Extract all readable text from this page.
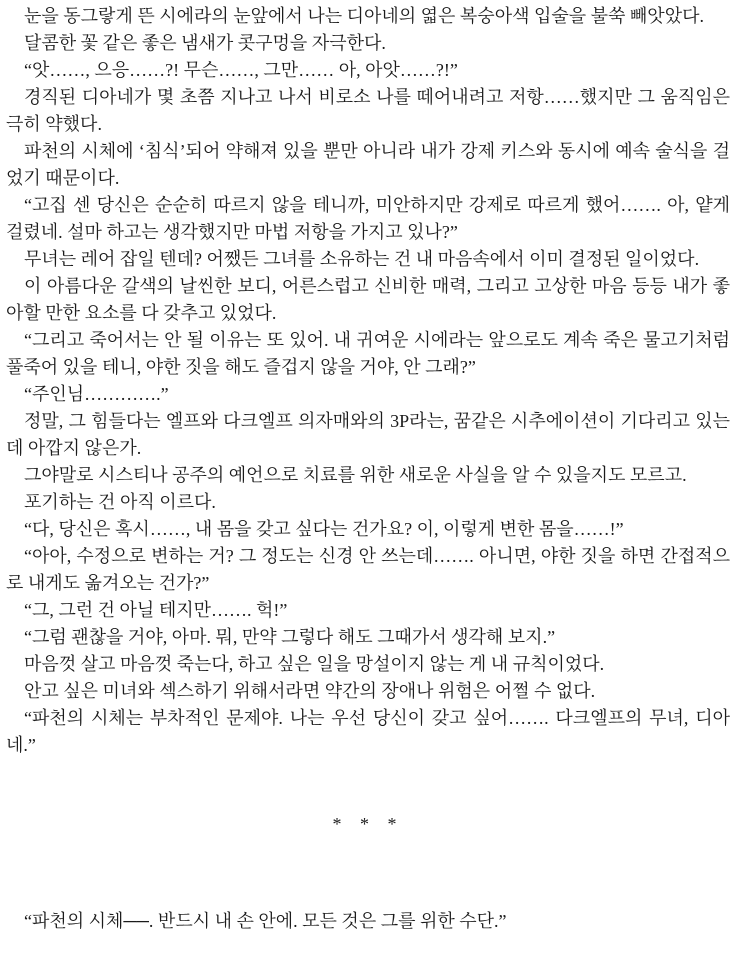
눈을 동그랗게 뜬 시에라의 눈앞에서 나는 디아네의 엷은 복숭아색 입술을 불쑥 빼앗았다.

달콤한 꽃 같은 좋은 냄새가 콧구멍을 자극한다.

“앗……, 으응……?! 무슨……, 그만…… 아, 아앗……?!”

경직된 디아네가 몇 초쯤 지나고 나서 비로소 나를 떼어내려고 저항……했지만 그 움직임은 극히 약했다.

파천의 시체에 ‘침식’되어 약해져 있을 뿐만 아니라 내가 강제 키스와 동시에 예속 술식을 걸었기 때문이다.

“고집 센 당신은 순순히 따르지 않을 테니까, 미안하지만 강제로 따르게 했어……. 아, 얕게 걸렸네. 설마 하고는 생각했지만 마법 저항을 가지고 있나?”

무녀는 레어 잡일 텐데? 어쨌든 그녀를 소유하는 건 내 마음속에서 이미 결정된 일이었다.

이 아름다운 갈색의 날씬한 보디, 어른스럽고 신비한 매력, 그리고 고상한 마음 등등 내가 좋아할 만한 요소를 다 갖추고 있었다.

“그리고 죽어서는 안 될 이유는 또 있어. 내 귀여운 시에라는 앞으로도 계속 죽은 물고기처럼 풀죽어 있을 테니, 야한 짓을 해도 즐겁지 않을 거야, 안 그래?”

“주인님………….”

정말, 그 힘들다는 엘프와 다크엘프 의자매와의 3P라는, 꿈같은 시추에이션이 기다리고 있는데 아깝지 않은가.

그야말로 시스티나 공주의 예언으로 치료를 위한 새로운 사실을 알 수 있을지도 모르고.

포기하는 건 아직 이르다.

“다, 당신은 혹시……, 내 몸을 갖고 싶다는 건가요? 이, 이렇게 변한 몸을……!”

“아아, 수정으로 변하는 거? 그 정도는 신경 안 쓰는데……. 아니면, 야한 짓을 하면 간접적으로 내게도 옮겨오는 건가?”

“그, 그런 건 아닐 테지만……. 헉!”

“그럼 괜찮을 거야, 아마. 뭐, 만약 그렇다 해도 그때가서 생각해 보지.”

마음껏 살고 마음껏 죽는다, 하고 싶은 일을 망설이지 않는 게 내 규칙이었다.

안고 싶은 미녀와 섹스하기 위해서라면 약간의 장애나 위험은 어쩔 수 없다.

“파천의 시체는 부차적인 문제야. 나는 우선 당신이 갖고 싶어……. 다크엘프의 무녀, 디아네.”

* * *

“파천의 시체──. 반드시 내 손 안에. 모든 것은 그를 위한 수단.”
